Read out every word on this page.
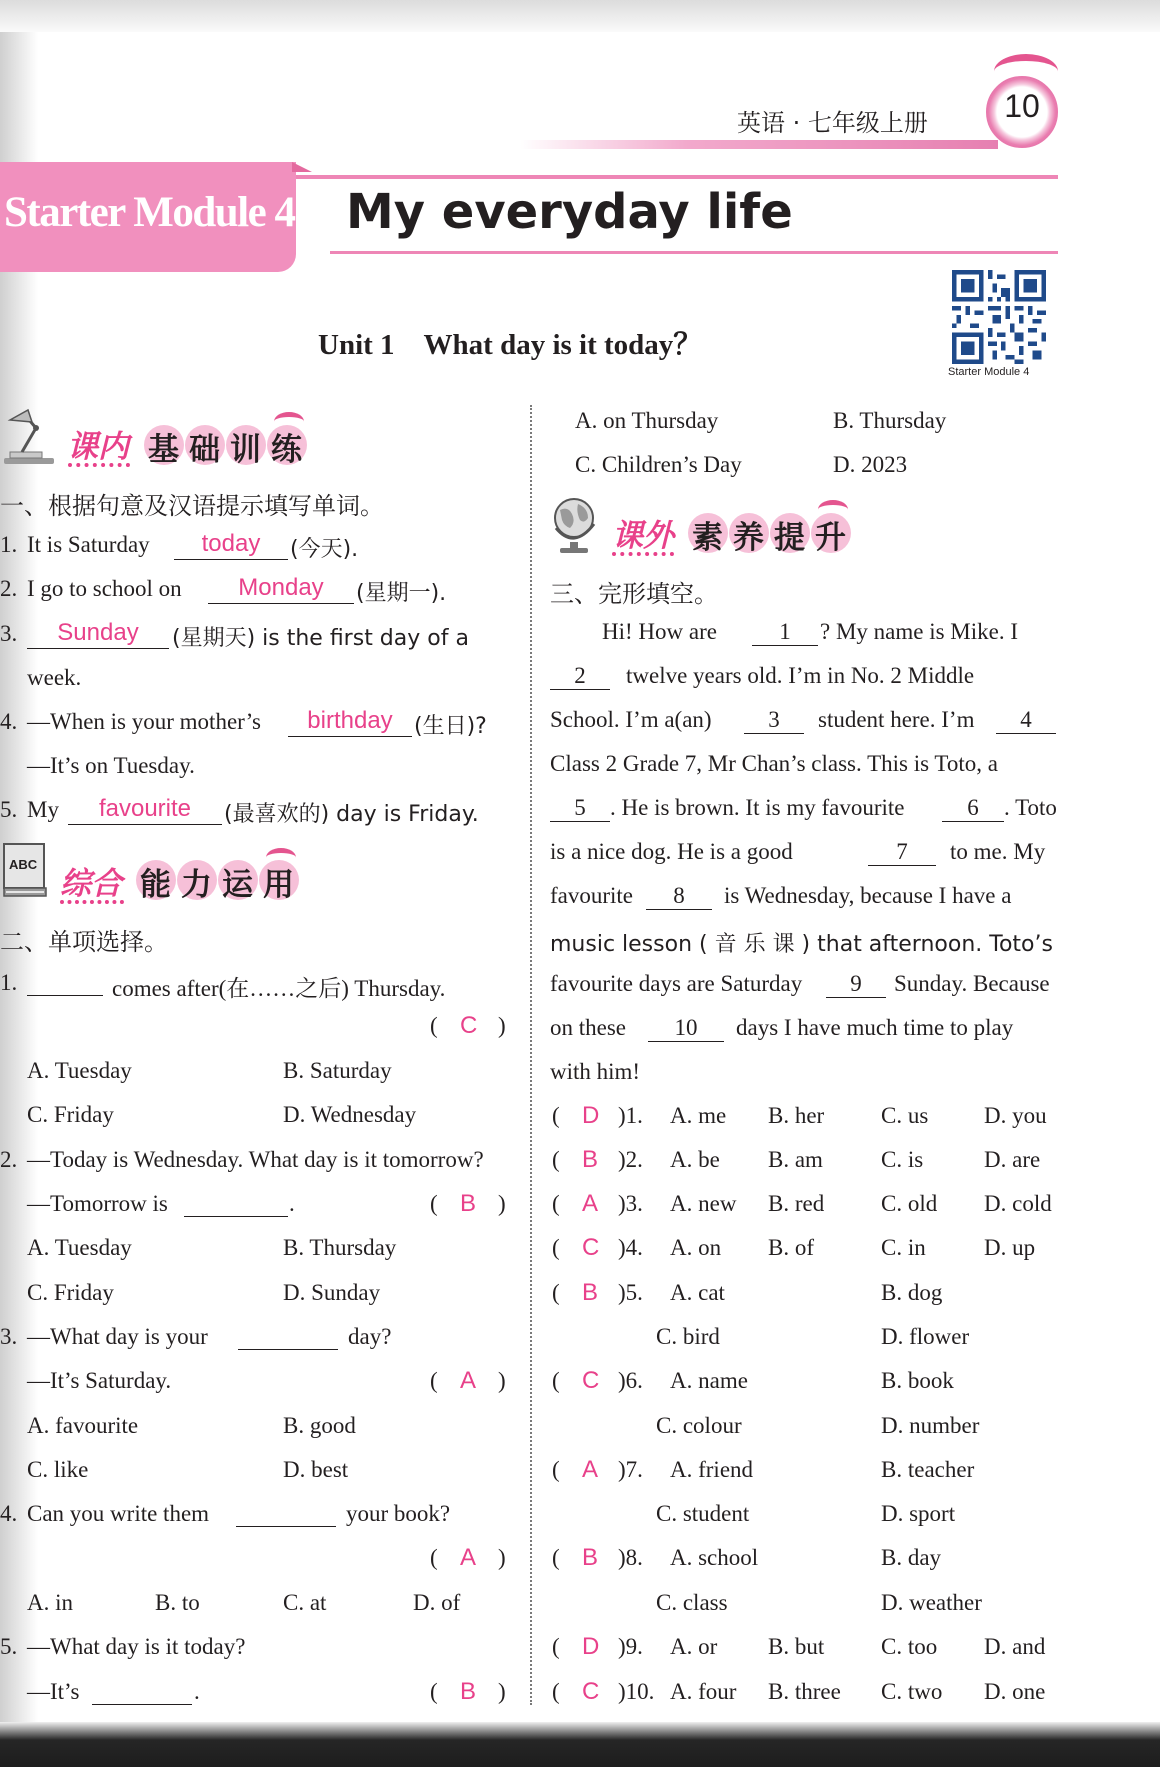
英语 · 七年级上册	10
Starter Module 4 My everyday life
Starter Module 4
Unit 1　What day is it today？
课内 基 础 训 练
一、根据句意及汉语提示填写单词。
1. It is Saturday	today	(今天).
2. I go to school on	Monday	(星期一).
3.	Sunday	(星期天) is the first day of a
week.
4. —When is your mother’s	birthday (生日)?
—It’s on Tuesday.
5. My	favourite	(最喜欢的) day is Friday.
ABC
综合 能 力 运 用
二、单项选择。
1.	comes after(在……之后) Thursday.
( C )
A. Tuesday	B. Saturday
C. Friday	D. Wednesday
2. —Today is Wednesday. What day is it tomorrow?
—Tomorrow is	.	( B )
A. Tuesday	B. Thursday
C. Friday	D. Sunday
3. —What day is your	day?
—It’s Saturday.	( A )
A. favourite	B. good
C. like	D. best
4. Can you write them	your book?
( A )
A. in	B. to	C. at	D. of
5. —What day is it today?
—It’s	.	( B )
A. on Thursday	B. Thursday
C. Children’s Day	D. 2023
课外 素 养 提 升
三、完形填空。
Hi! How are	1	? My name is Mike. I
2	twelve years old. I’m in No. 2 Middle
School. I’m a(an)	3	student here. I’m	4
Class 2 Grade 7, Mr Chan’s class. This is Toto, a
5	. He is brown. It is my favourite	6	. Toto
is a nice dog. He is a good	7	to me. My
favourite	8	is Wednesday, because I have a
music lesson ( 音 乐 课 ) that afternoon. Toto’s
favourite days are Saturday	9	Sunday. Because
on these	10	days I have much time to play
with him!
( D )1. A. me B. her C. us D. you
( B )2. A. be B. am	C. is	D. are
( A )3. A. new B. red C. old D. cold
( C )4. A. on B. of	C. in	D. up
( B )5. A. cat	B. dog
C. bird	D. flower
( C )6. A. name	B. book
C. colour	D. number
( A )7. A. friend	B. teacher
C. student	D. sport
( B )8. A. school	B. day
C. class	D. weather
( D )9. A. or B. but C. too D. and
( C )10. A. four B. three C. two D. one
